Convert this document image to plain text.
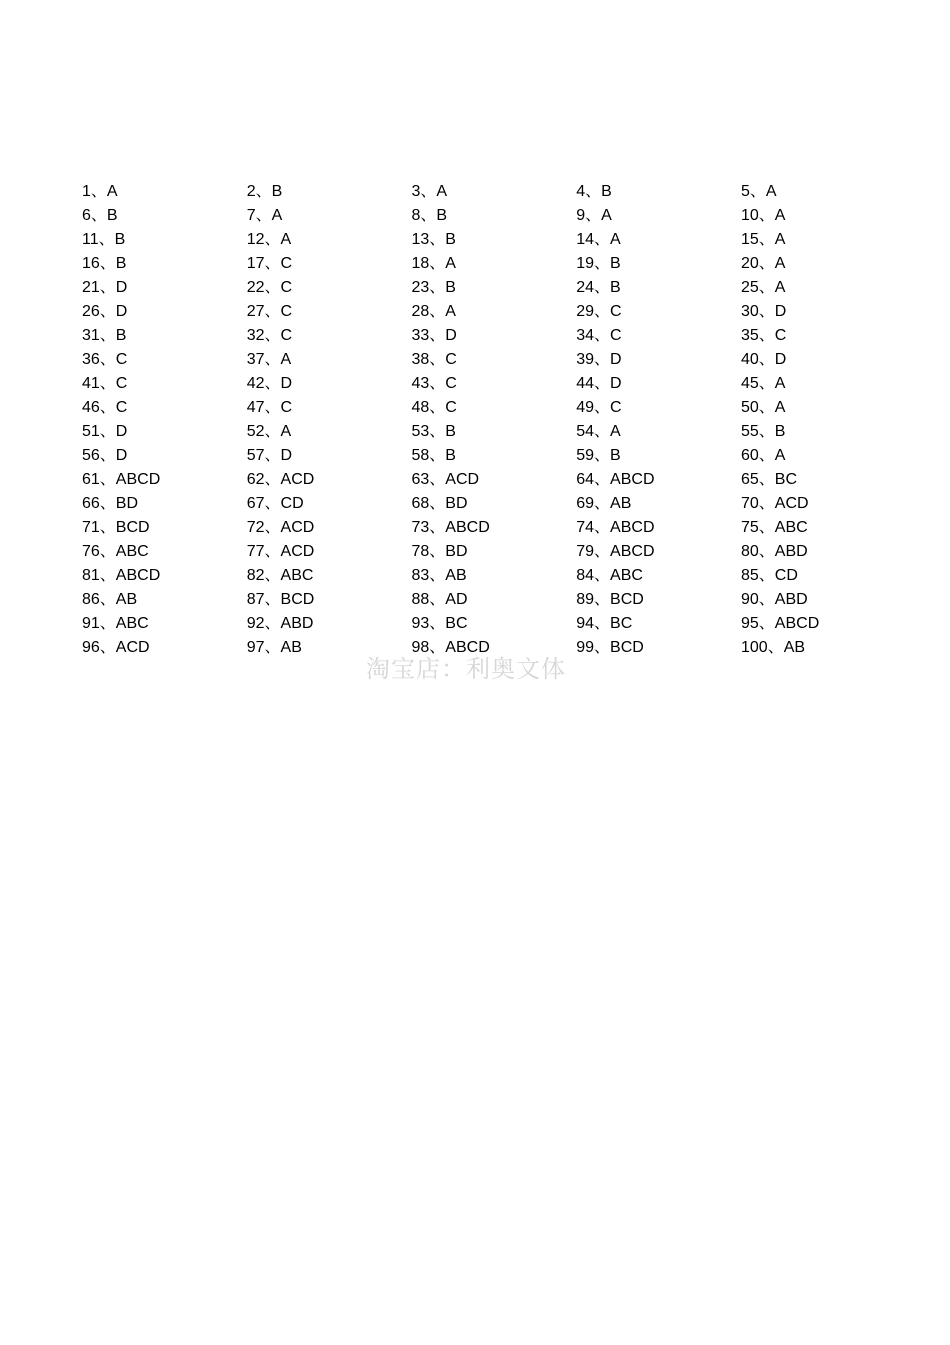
1、A	2、B	3、A	4、B	5、A
6、B	7、A	8、B	9、A	10、A
11、B	12、A	13、B	14、A	15、A
16、B	17、C	18、A	19、B	20、A
21、D	22、C	23、B	24、B	25、A
26、D	27、C	28、A	29、C	30、D
31、B	32、C	33、D	34、C	35、C
36、C	37、A	38、C	39、D	40、D
41、C	42、D	43、C	44、D	45、A
46、C	47、C	48、C	49、C	50、A
51、D	52、A	53、B	54、A	55、B
56、D	57、D	58、B	59、B	60、A
61、ABCD	62、ACD	63、ACD	64、ABCD	65、BC
66、BD	67、CD	68、BD	69、AB	70、ACD
71、BCD	72、ACD	73、ABCD	74、ABCD	75、ABC
76、ABC	77、ACD	78、BD	79、ABCD	80、ABD
81、ABCD	82、ABC	83、AB	84、ABC	85、CD
86、AB	87、BCD	88、AD	89、BCD	90、ABD
91、ABC	92、ABD	93、BC	94、BC	95、ABCD
96、ACD	97、AB	98、ABCD	99、BCD	100、AB
淘宝店：利奥文体
